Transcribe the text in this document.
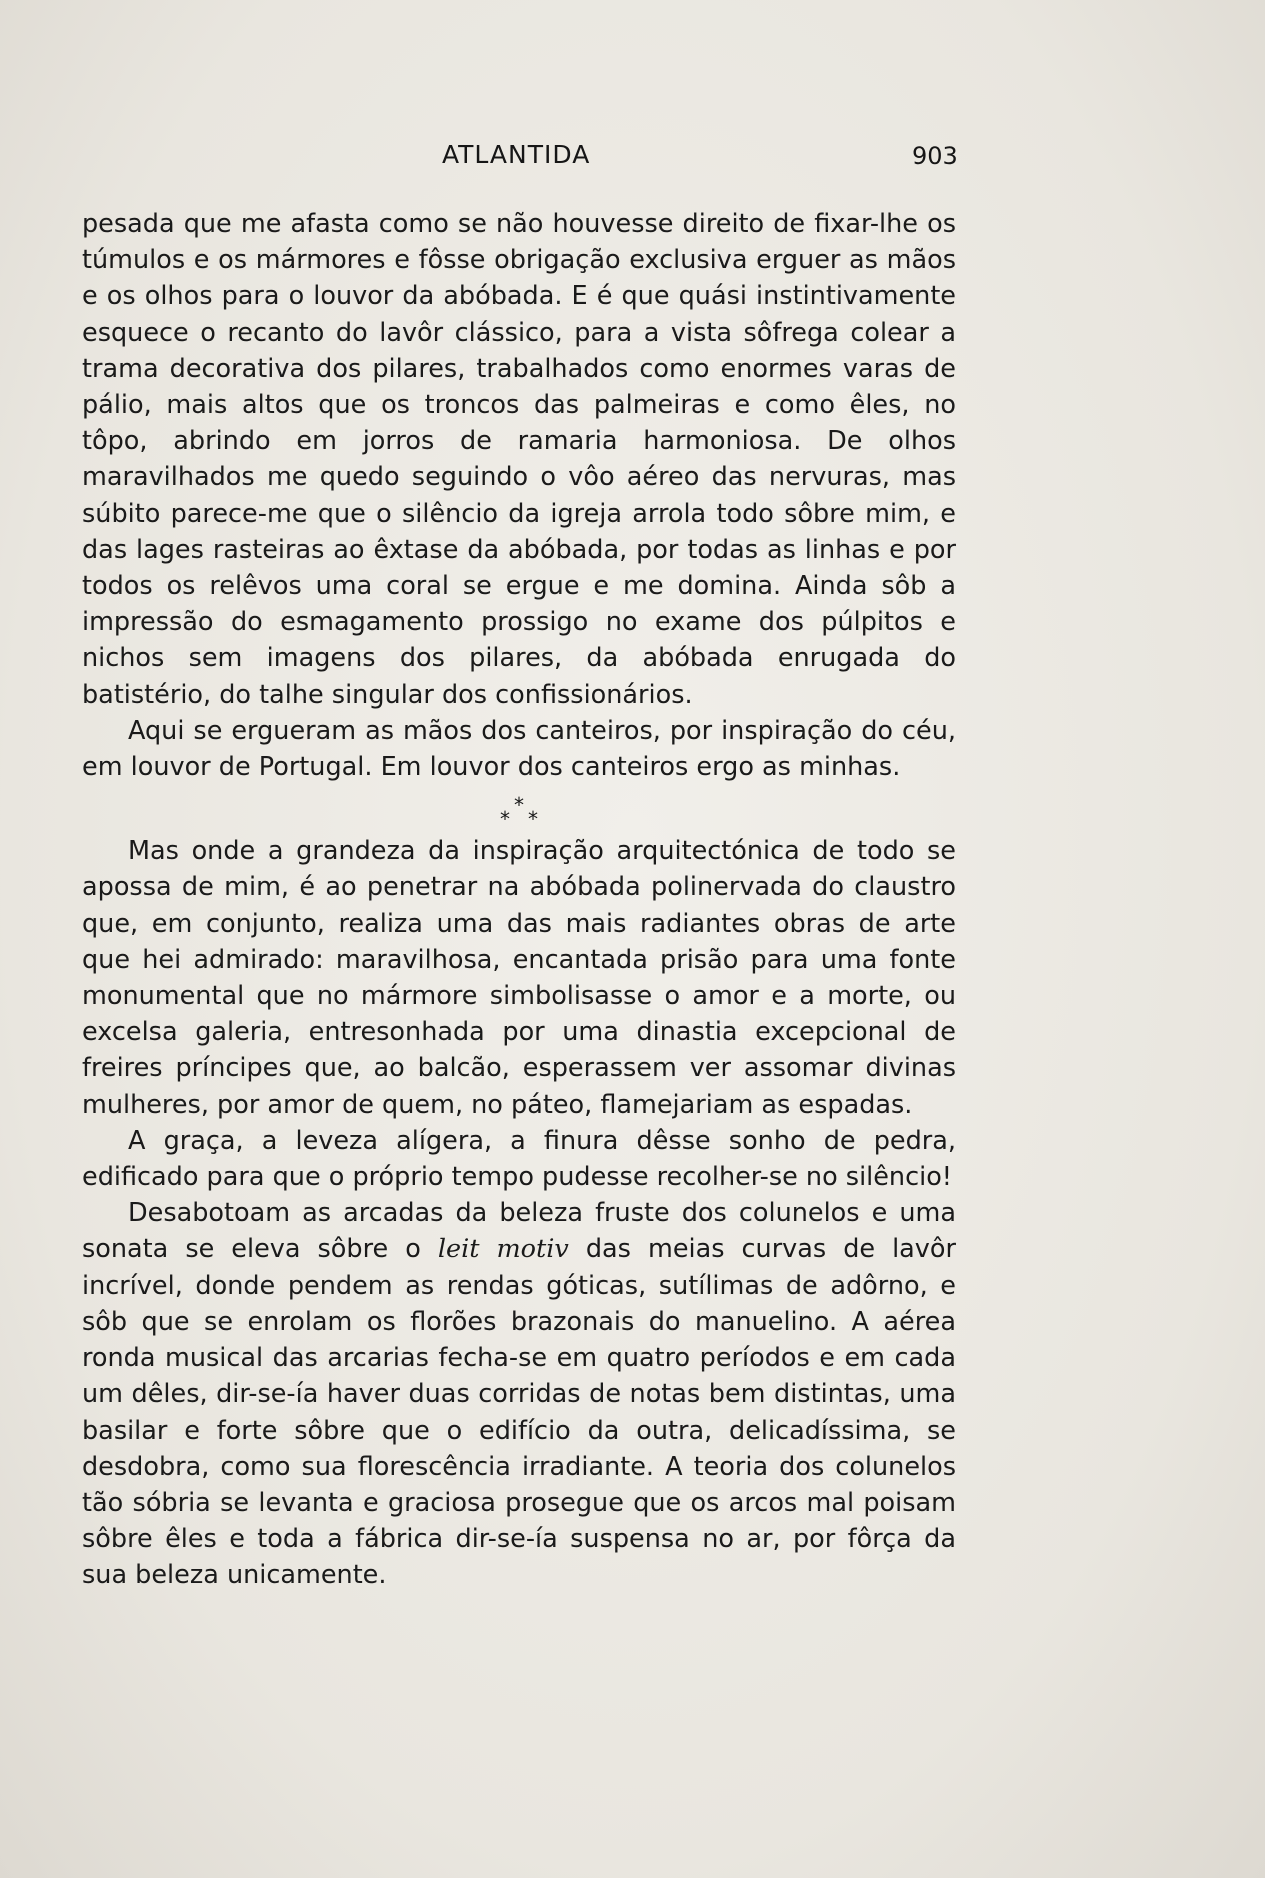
ATLANTIDA	903

pesada que me afasta como se não houvesse direito de fixar-lhe os túmulos e os mármores e fôsse obrigação exclusiva erguer as mãos e os olhos para o louvor da abóbada. E é que quási instintivamente esquece o recanto do lavôr clássico, para a vista sôfrega colear a trama decorativa dos pilares, trabalhados como enormes varas de pálio, mais altos que os troncos das palmeiras e como êles, no tôpo, abrindo em jorros de ramaria harmoniosa. De olhos maravilhados me quedo seguindo o vôo aéreo das nervuras, mas súbito parece-me que o silêncio da igreja arrola todo sôbre mim, e das lages rasteiras ao êxtase da abóbada, por todas as linhas e por todos os relêvos uma coral se ergue e me domina. Ainda sôb a impressão do esmagamento prossigo no exame dos púlpitos e nichos sem imagens dos pilares, da abóbada enrugada do batistério, do talhe singular dos confissionários.

Aqui se ergueram as mãos dos canteiros, por inspiração do céu, em louvor de Portugal. Em louvor dos canteiros ergo as minhas.

*
* *

Mas onde a grandeza da inspiração arquitectónica de todo se apossa de mim, é ao penetrar na abóbada polinervada do claustro que, em conjunto, realiza uma das mais radiantes obras de arte que hei admirado: maravilhosa, encantada prisão para uma fonte monumental que no mármore simbolisasse o amor e a morte, ou excelsa galeria, entresonhada por uma dinastia excepcional de freires príncipes que, ao balcão, esperassem ver assomar divinas mulheres, por amor de quem, no páteo, flamejariam as espadas.

A graça, a leveza alígera, a finura dêsse sonho de pedra, edificado para que o próprio tempo pudesse recolher-se no silêncio!

Desabotoam as arcadas da beleza fruste dos colunelos e uma sonata se eleva sôbre o leit motiv das meias curvas de lavôr incrível, donde pendem as rendas góticas, sutílimas de adôrno, e sôb que se enrolam os florões brazonais do manuelino. A aérea ronda musical das arcarias fecha-se em quatro períodos e em cada um dêles, dir-se-ía haver duas corridas de notas bem distintas, uma basilar e forte sôbre que o edifício da outra, delicadíssima, se desdobra, como sua florescência irradiante. A teoria dos colunelos tão sóbria se levanta e graciosa prosegue que os arcos mal poisam sôbre êles e toda a fábrica dir-se-ía suspensa no ar, por fôrça da sua beleza unicamente.
